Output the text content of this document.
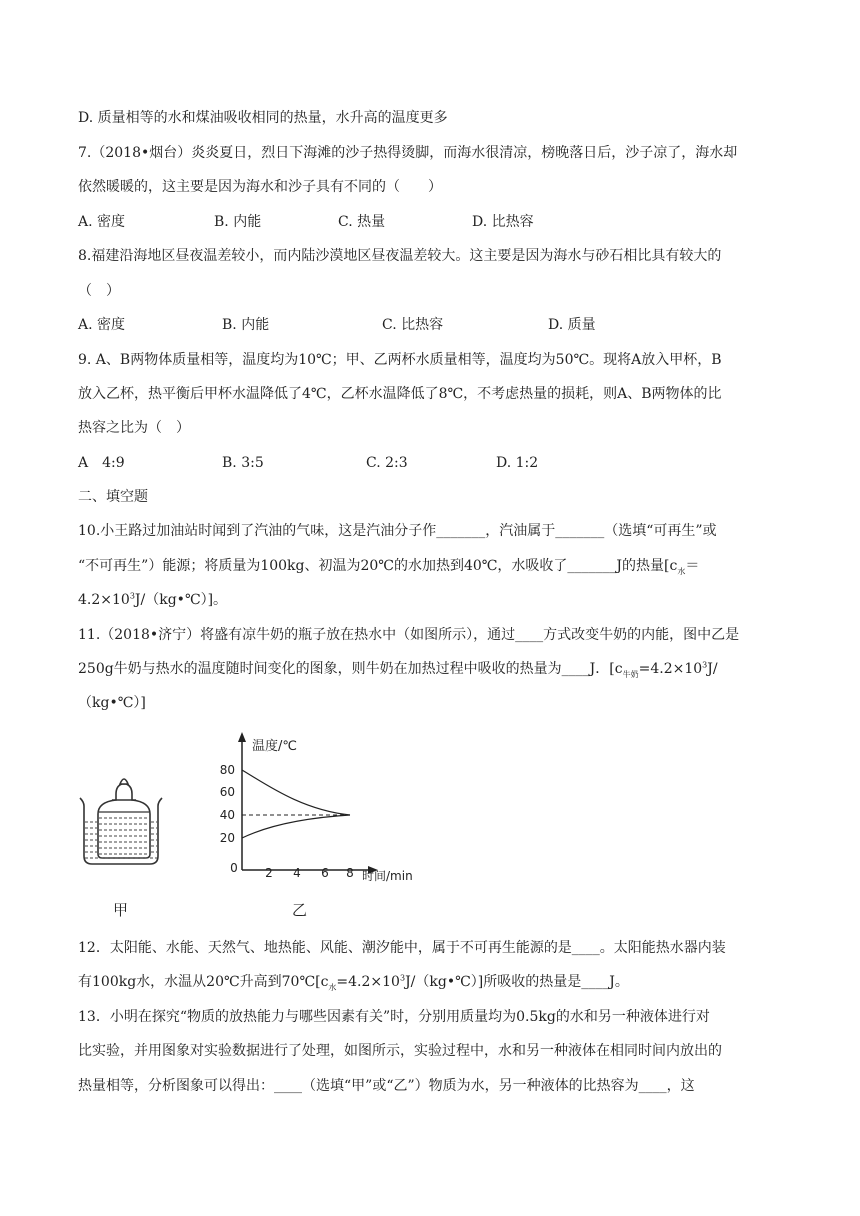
D. 质量相等的水和煤油吸收相同的热量，水升高的温度更多
7.（2018•烟台）炎炎夏日，烈日下海滩的沙子热得烫脚，而海水很清凉，榜晚落日后，沙子凉了，海水却
依然暖暖的，这主要是因为海水和沙子具有不同的（　　）
A. 密度	B. 内能	C. 热量	D. 比热容
8.福建沿海地区昼夜温差较小，而内陆沙漠地区昼夜温差较大。这主要是因为海水与砂石相比具有较大的
（　）
A. 密度	B. 内能	C. 比热容	D. 质量
9. A、B两物体质量相等，温度均为10℃；甲、乙两杯水质量相等，温度均为50℃。现将A放入甲杯，B
放入乙杯，热平衡后甲杯水温降低了4℃，乙杯水温降低了8℃，不考虑热量的损耗，则A、B两物体的比
热容之比为（　）
A　4:9	B. 3:5	C. 2:3	D. 1:2
二、填空题
10.小王路过加油站时闻到了汽油的气味，这是汽油分子作_______，汽油属于_______（选填“可再生”或
“不可再生”）能源；将质量为100kg、初温为20℃的水加热到40℃，水吸收了_______J的热量[$c_水=$
$4.2\times 10^3J/(kg•℃)$]。
11.（2018•济宁）将盛有凉牛奶的瓶子放在热水中（如图所示），通过____方式改变牛奶的内能，图中乙是
250g牛奶与热水的温度随时间变化的图象，则牛奶在加热过程中吸收的热量为____J．[$c_{牛奶}=4.2\times 10^3J/$
（kg•℃）]
甲
温度/℃
时间/min
80
60
40
20
0 2 4 6 8
乙
12．太阳能、水能、天然气、地热能、风能、潮汐能中，属于不可再生能源的是____。太阳能热水器内装
有100kg水，水温从20℃升高到$70℃[c_水=4.2\times 10^3J/(kg•℃)]$所吸收的热量是____J。
13．小明在探究“物质的放热能力与哪些因素有关”时，分别用质量均为0.5kg的水和另一种液体进行对
比实验，并用图象对实验数据进行了处理，如图所示，实验过程中，水和另一种液体在相同时间内放出的
热量相等，分析图象可以得出：____（选填“甲”或“乙”）物质为水，另一种液体的比热容为____，这
